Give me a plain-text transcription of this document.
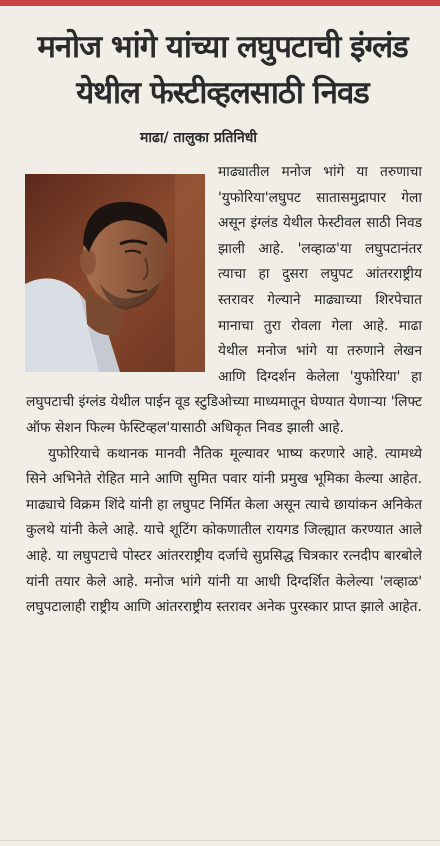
मनोज भांगे यांच्या लघुपटाची इंग्लंड
येथील फेस्टीव्हलसाठी निवड
माढा/ तालुका प्रतिनिधी

माढ्यातील मनोज भांगे या तरुणाचा 'युफोरिया'लघुपट सातासमुद्रापार गेला असून इंग्लंड येथील फेस्टीवल साठी निवड झाली आहे. 'लव्हाळ'या लघुपटानंतर त्याचा हा दुसरा लघुपट आंतरराष्ट्रीय स्तरावर गेल्याने माढ्याच्या शिरपेचात मानाचा तुरा रोवला गेला आहे. माढा येथील मनोज भांगे या तरुणाने लेखन आणि दिग्दर्शन केलेला 'युफोरिया' हा लघुपटाची इंग्लंड येथील पाईन वूड स्टुडिओच्या माध्यमातून घेण्यात येणाऱ्या 'लिफ्ट ऑफ सेशन फिल्म फेस्टिव्हल'यासाठी अधिकृत निवड झाली आहे.

युफोरियाचे कथानक मानवी नैतिक मूल्यावर भाष्य करणारे आहे. त्यामध्ये सिने अभिनेते रोहित माने आणि सुमित पवार यांनी प्रमुख भूमिका केल्या आहेत. माढ्याचे विक्रम शिंदे यांनी हा लघुपट निर्मित केला असून त्याचे छायांकन अनिकेत कुलथे यांनी केले आहे. याचे शूटिंग कोकणातील रायगड जिल्ह्यात करण्यात आले आहे. या लघुपटाचे पोस्टर आंतरराष्ट्रीय दर्जाचे सुप्रसिद्ध चित्रकार रत्नदीप बारबोले यांनी तयार केले आहे. मनोज भांगे यांनी या आधी दिग्दर्शित केलेल्या 'लव्हाळ' लघुपटालाही राष्ट्रीय आणि आंतरराष्ट्रीय स्तरावर अनेक पुरस्कार प्राप्त झाले आहेत.
